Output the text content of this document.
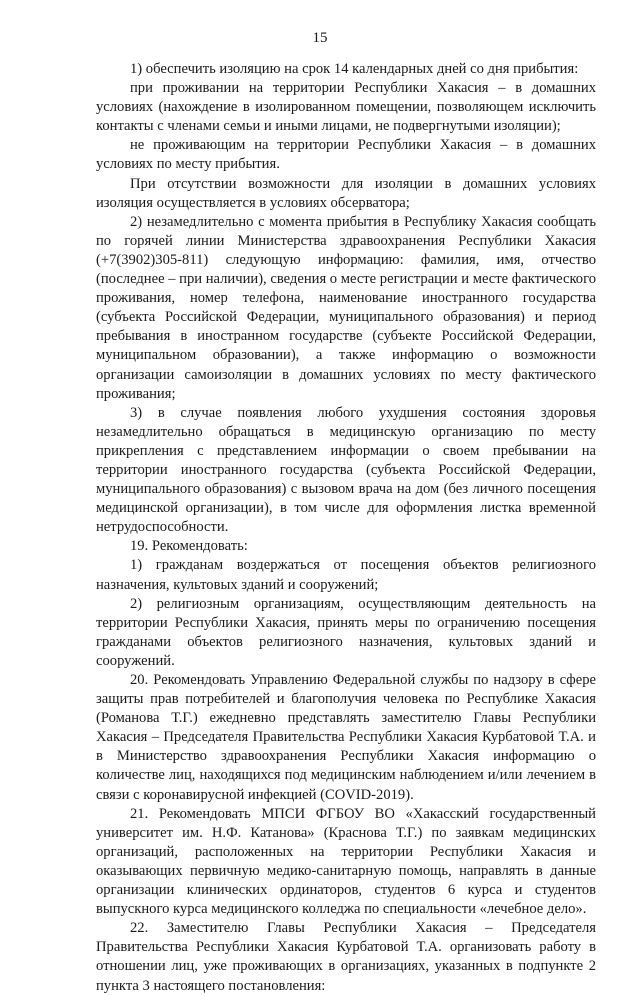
15

1) обеспечить изоляцию на срок 14 календарных дней со дня прибытия:

при проживании на территории Республики Хакасия – в домашних условиях (нахождение в изолированном помещении, позволяющем исключить контакты с членами семьи и иными лицами, не подвергнутыми изоляции);

не проживающим на территории Республики Хакасия – в домашних условиях по месту прибытия.

При отсутствии возможности для изоляции в домашних условиях изоляция осуществляется в условиях обсерватора;

2) незамедлительно с момента прибытия в Республику Хакасия сообщать по горячей линии Министерства здравоохранения Республики Хакасия (+7(3902)305-811) следующую информацию: фамилия, имя, отчество (последнее – при наличии), сведения о месте регистрации и месте фактического проживания, номер телефона, наименование иностранного государства (субъекта Российской Федерации, муниципального образования) и период пребывания в иностранном государстве (субъекте Российской Федерации, муниципальном образовании), а также информацию о возможности организации самоизоляции в домашних условиях по месту фактического проживания;

3) в случае появления любого ухудшения состояния здоровья незамедлительно обращаться в медицинскую организацию по месту прикрепления с представлением информации о своем пребывании на территории иностранного государства (субъекта Российской Федерации, муниципального образования) с вызовом врача на дом (без личного посещения медицинской организации), в том числе для оформления листка временной нетрудоспособности.

19. Рекомендовать:

1) гражданам воздержаться от посещения объектов религиозного назначения, культовых зданий и сооружений;

2) религиозным организациям, осуществляющим деятельность на территории Республики Хакасия, принять меры по ограничению посещения гражданами объектов религиозного назначения, культовых зданий и сооружений.

20. Рекомендовать Управлению Федеральной службы по надзору в сфере защиты прав потребителей и благополучия человека по Республике Хакасия (Романова Т.Г.) ежедневно представлять заместителю Главы Республики Хакасия – Председателя Правительства Республики Хакасия Курбатовой Т.А. и в Министерство здравоохранения Республики Хакасия информацию о количестве лиц, находящихся под медицинским наблюдением и/или лечением в связи с коронавирусной инфекцией (COVID-2019).

21. Рекомендовать МПСИ ФГБОУ ВО «Хакасский государственный университет им. Н.Ф. Катанова» (Краснова Т.Г.) по заявкам медицинских организаций, расположенных на территории Республики Хакасия и оказывающих первичную медико-санитарную помощь, направлять в данные организации клинических ординаторов, студентов 6 курса и студентов выпускного курса медицинского колледжа по специальности «лечебное дело».

22. Заместителю Главы Республики Хакасия – Председателя Правительства Республики Хакасия Курбатовой Т.А. организовать работу в отношении лиц, уже проживающих в организациях, указанных в подпункте 2 пункта 3 настоящего постановления:
